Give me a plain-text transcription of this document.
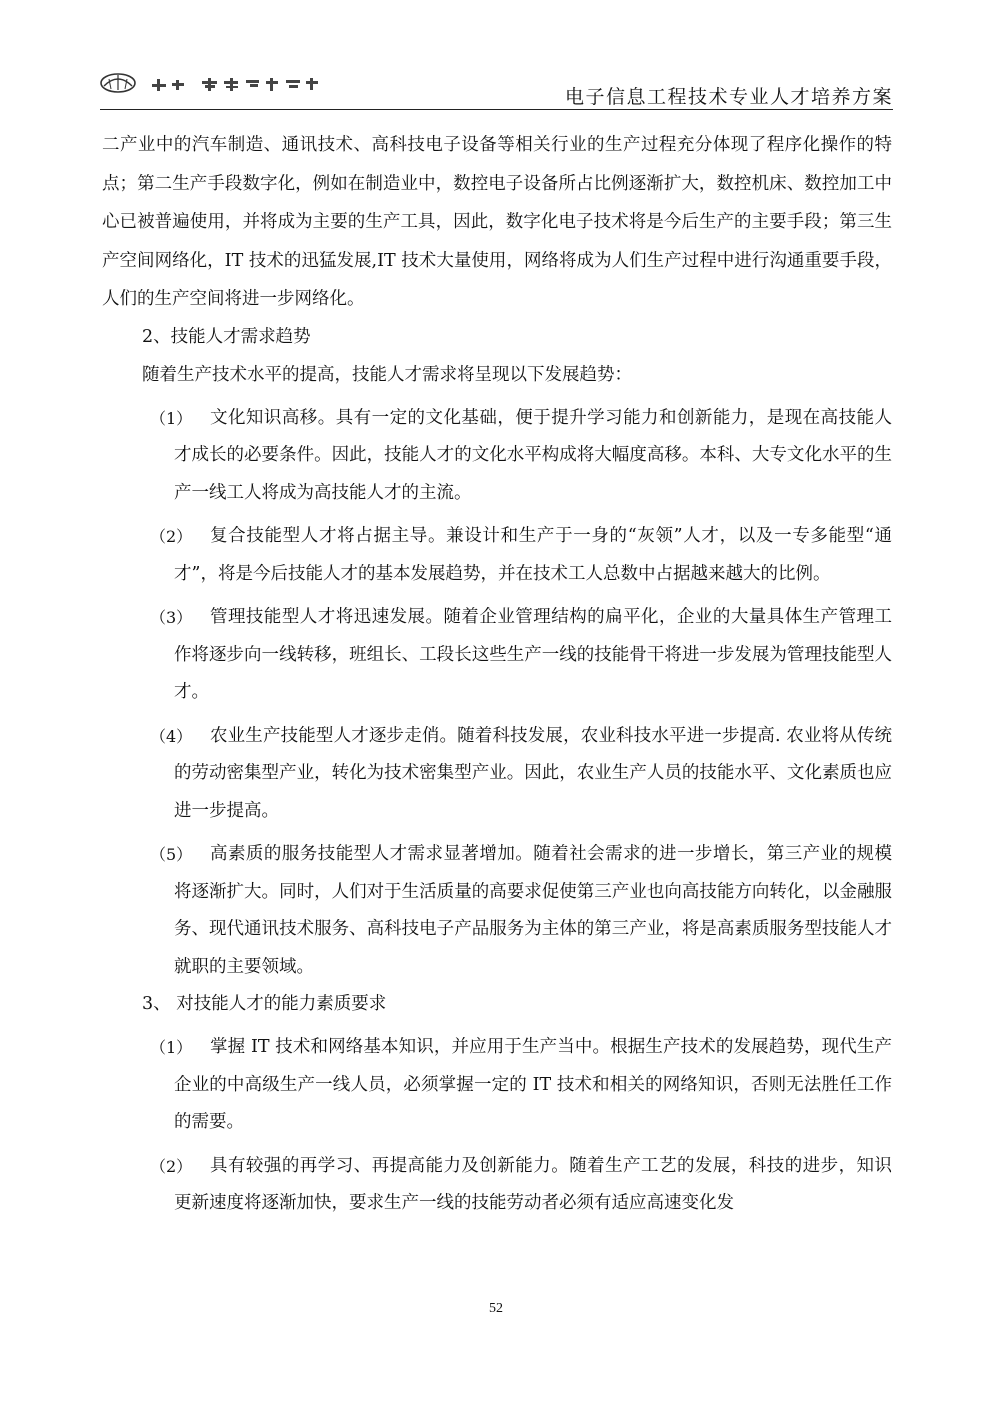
电子信息工程技术专业人才培养方案

二产业中的汽车制造、通讯技术、高科技电子设备等相关行业的生产过程充分体现了程序化操作的特点；第二生产手段数字化，例如在制造业中，数控电子设备所占比例逐渐扩大，数控机床、数控加工中心已被普遍使用，并将成为主要的生产工具，因此，数字化电子技术将是今后生产的主要手段；第三生产空间网络化，IT 技术的迅猛发展,IT 技术大量使用，网络将成为人们生产过程中进行沟通重要手段，人们的生产空间将进一步网络化。

2、技能人才需求趋势

随着生产技术水平的提高，技能人才需求将呈现以下发展趋势：

（1）	文化知识高移。具有一定的文化基础，便于提升学习能力和创新能力，是现在高技能人才成长的必要条件。因此，技能人才的文化水平构成将大幅度高移。本科、大专文化水平的生产一线工人将成为高技能人才的主流。
（2）	复合技能型人才将占据主导。兼设计和生产于一身的“灰领”人才，以及一专多能型“通才”，将是今后技能人才的基本发展趋势，并在技术工人总数中占据越来越大的比例。
（3）	管理技能型人才将迅速发展。随着企业管理结构的扁平化，企业的大量具体生产管理工作将逐步向一线转移，班组长、工段长这些生产一线的技能骨干将进一步发展为管理技能型人才。
（4）	农业生产技能型人才逐步走俏。随着科技发展，农业科技水平进一步提高. 农业将从传统的劳动密集型产业，转化为技术密集型产业。因此，农业生产人员的技能水平、文化素质也应进一步提高。
（5）	高素质的服务技能型人才需求显著增加。随着社会需求的进一步增长，第三产业的规模将逐渐扩大。同时，人们对于生活质量的高要求促使第三产业也向高技能方向转化，以金融服务、现代通讯技术服务、高科技电子产品服务为主体的第三产业，将是高素质服务型技能人才就职的主要领域。

3、 对技能人才的能力素质要求

（1）	掌握 IT 技术和网络基本知识，并应用于生产当中。根据生产技术的发展趋势，现代生产企业的中高级生产一线人员，必须掌握一定的 IT 技术和相关的网络知识，否则无法胜任工作的需要。
（2）	具有较强的再学习、再提高能力及创新能力。随着生产工艺的发展，科技的进步，知识更新速度将逐渐加快，要求生产一线的技能劳动者必须有适应高速变化发
52
